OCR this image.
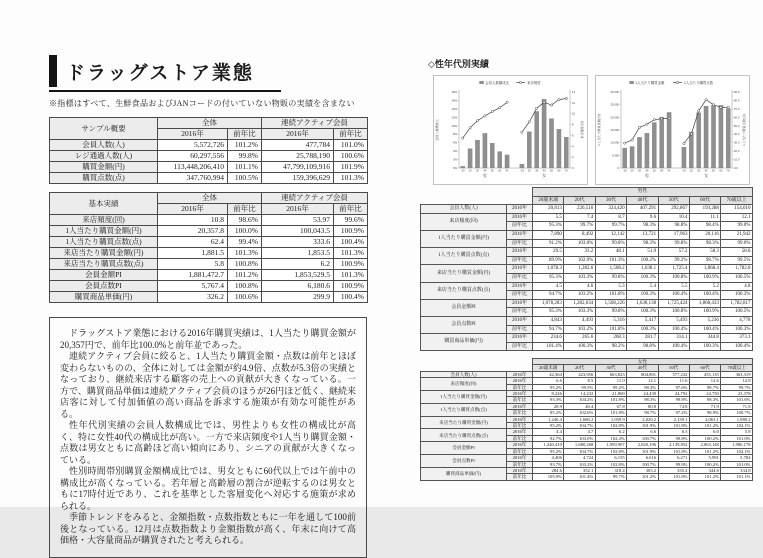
ドラッグストア業態
※指標はすべて、生鮮食品およびJANコードの付いていない物販の実績を含まない
サンプル概要	全体		連続アクティブ会員	
	2016年	前年比	2016年	前年比
会員人数(人)	5,572,726	101.2%	477,784	101.0%
レジ通過人数(人)	60,297,556	99.8%	25,788,190	100.6%
購買金額(円)	113,448,206,410	101.1%	47,799,109,916	101.9%
購買点数(点)	347,760,994	100.5%	159,396,629	101.3%
基本実績	全体		連続アクティブ会員	
	2016年	前年比	2016年	前年比
来店頻度(回)	10.8	98.6%	53.97	99.6%
1人当たり購買金額(円)	20,357.8	100.0%	100,043.5	100.9%
1人当たり購買点数(点)	62.4	99.4%	333.6	100.4%
来店当たり購買金額(円)	1,881.5	101.3%	1,853.5	101.3%
来店当たり購買点数(点)	5.8	100.8%	6.2	100.9%
会員金額PI	1,881,472.7	101.2%	1,853,529.5	101.3%
会員点数PI	5,767.4	100.8%	6,180.6	100.9%
購買商品単価(円)	326.2	100.6%	299.9	100.4%

ドラッグストア業態における2016年購買実績は、1人当たり購買金額が20,357円で、前年比100.0%と前年並であった。

連続アクティブ会員に絞ると、1人当たり購買金額・点数は前年とほぼ変わらないものの、全体に対しては金額が約4.9倍、点数が5.3倍の実績となっており、継続来店する顧客の売上への貢献が大きくなっている。一方で、購買商品単価は連続アクティブ会員のほうが26円ほど低く、継続来店客に対して付加価値の高い商品を訴求する施策が有効な可能性がある。

性年代別実績の会員人数構成比では、男性よりも女性の構成比が高く、特に女性40代の構成比が高い。一方で来店頻度や1人当り購買金額・点数は男女ともに高齢ほど高い傾向にあり、シニアの貢献が大きくなっている。

性別時間帯別購買金額構成比では、男女ともに60代以上では午前中の構成比が高くなっている。若年層と高齢層の割合が逆転するのは男女ともに17時付近であり、これを基準とした客層変化へ対応する施策が求められる。

季節トレンドをみると、金額指数・点数指数ともに一年を通して100前後となっている。12月は点数指数より金額指数が高く、年末に向けて高価格・大容量商品が購買されたと考えられる。

◇性年代別実績
会員人数構成比	来店頻度
0%
2%
4%
6%
8%
10%
12%
14%
16%
18%
0
2
4
6
8
10
12
14
会員人数構成比	来店頻度(回)
-19 20 30 40 50 60 70-
男
-19 20 30 40 50 60 70-
女
1人当たり購買金額	1人当たり購買点数
0
5,000
10,000
15,000
20,000
25,000
30,000
0.0
10.0
20.0
30.0
40.0
50.0
60.0
70.0
80.0
90.0
1人当たり購買金額(円)	1人当たり購買点数(点)
-19 20 30 40 50 60 70-
男
-19 20 30 40 50 60 70-
女
		男性						
		20歳未満	20代	30代	40代	50代	60代	70歳以上
会員人数(人)	2016年	20,813	226,516	324,420	407,291	292,867	193,288	154,010
来店頻度(回)	2016年	5.5	7.4	8.7	9.6	10.4	11.1	12.1
	前年比	95.3%	99.7%	99.7%	98.3%	98.8%	98.4%	99.0%
1人当たり購買金額(円)	2016年	7,890	8,492	12,142	13,721	17,963	20,116	21,942
	前年比	91.2%	103.0%	99.8%	98.3%	99.8%	98.3%	99.0%
1人当たり購買点数(点)	2016年	29.5	33.2	48.1	51.9	57.2	58.3	58.8
	前年比	89.9%	102.9%	101.3%	100.2%	99.2%	98.7%	99.5%
来店当たり購買金額(円)	2016年	1,078.3	1,282.6	1,508.2	1,638.1	1,725.4	1,868.4	1,782.8
	前年比	95.3%	103.3%	99.8%	100.3%	100.8%	100.9%	100.5%
来店当たり購買点数(点)	2016年	4.5	4.6	5.3	5.4	5.5	5.2	4.8
	前年比	94.7%	103.2%	101.8%	100.3%	100.4%	100.4%	100.3%
会員金額PI	2016年	1,078,283	1,282,634	1,508,226	1,638,138	1,725,424	1,868,433	1,782,817
	前年比	95.3%	103.3%	99.8%	100.3%	100.8%	100.9%	100.5%
会員点数PI	2016年	4,843	4,493	5,316	5,417	5,493	5,236	4,778
	前年比	94.7%	103.2%	101.8%	100.3%	100.4%	100.4%	100.3%
購買商品単価(円)	2016年	234.6	265.6	268.3	281.7	314.1	344.8	373.1
	前年比	101.4%	100.3%	98.2%	98.8%	100.4%	100.3%	100.4%
		女性						
		20歳未満	20代	30代	40代	50代	60代	70歳以上
会員人数(人)	2016年	42,364	423,956	663,823	804,801	577,232	455,135	363,319
来店頻度(回)	2016年	6.6	8.5	11.0	12.1	11.6	12.6	12.8
	前年比	95.2%	99.5%	99.2%	98.3%	97.6%	98.7%	99.7%
1人当たり購買金額(円)	2016年	8,226	14,232	21,869	24,439	24,792	24,750	23,378
	前年比	93.3%	104.2%	101.8%	98.3%	99.8%	98.3%	101.6%
1人当たり購買点数(点)	2016年	28.9	40.4	67.8	80.8	74.8	71.9	71.8
	前年比	85.2%	102.6%	101.8%	98.7%	97.2%	98.9%	100.7%
来店当たり購買金額(円)	2016年	1,240.4	1,680.2	1,959.9	2,020.2	2,139.1	2,063.1	1,980.2
	前年比	95.2%	104.7%	102.8%	101.9%	101.8%	101.2%	102.1%
来店当たり購買点数(点)	2016年	4.4	4.7	6.2	6.6	6.3	6.0	5.8
	前年比	92.7%	103.0%	102.4%	100.7%	99.8%	100.2%	101.0%
会員金額PI	2016年	1,240,410	1,680,268	1,959,907	2,020,196	2,139,052	2,063,148	1,980,178
	前年比	95.2%	104.7%	102.8%	101.9%	101.8%	101.2%	102.1%
会員点数PI	2016年	4,406	4,724	6,155	6,616	6,271	5,991	5,784
	前年比	93.7%	103.2%	102.8%	100.7%	99.8%	100.2%	101.0%
購買商品単価(円)	2016年	284.6	352.1	318.4	305.2	335.2	344.8	334.8
	前年比	105.9%	101.4%	99.7%	101.2%	101.8%	101.2%	101.1%
